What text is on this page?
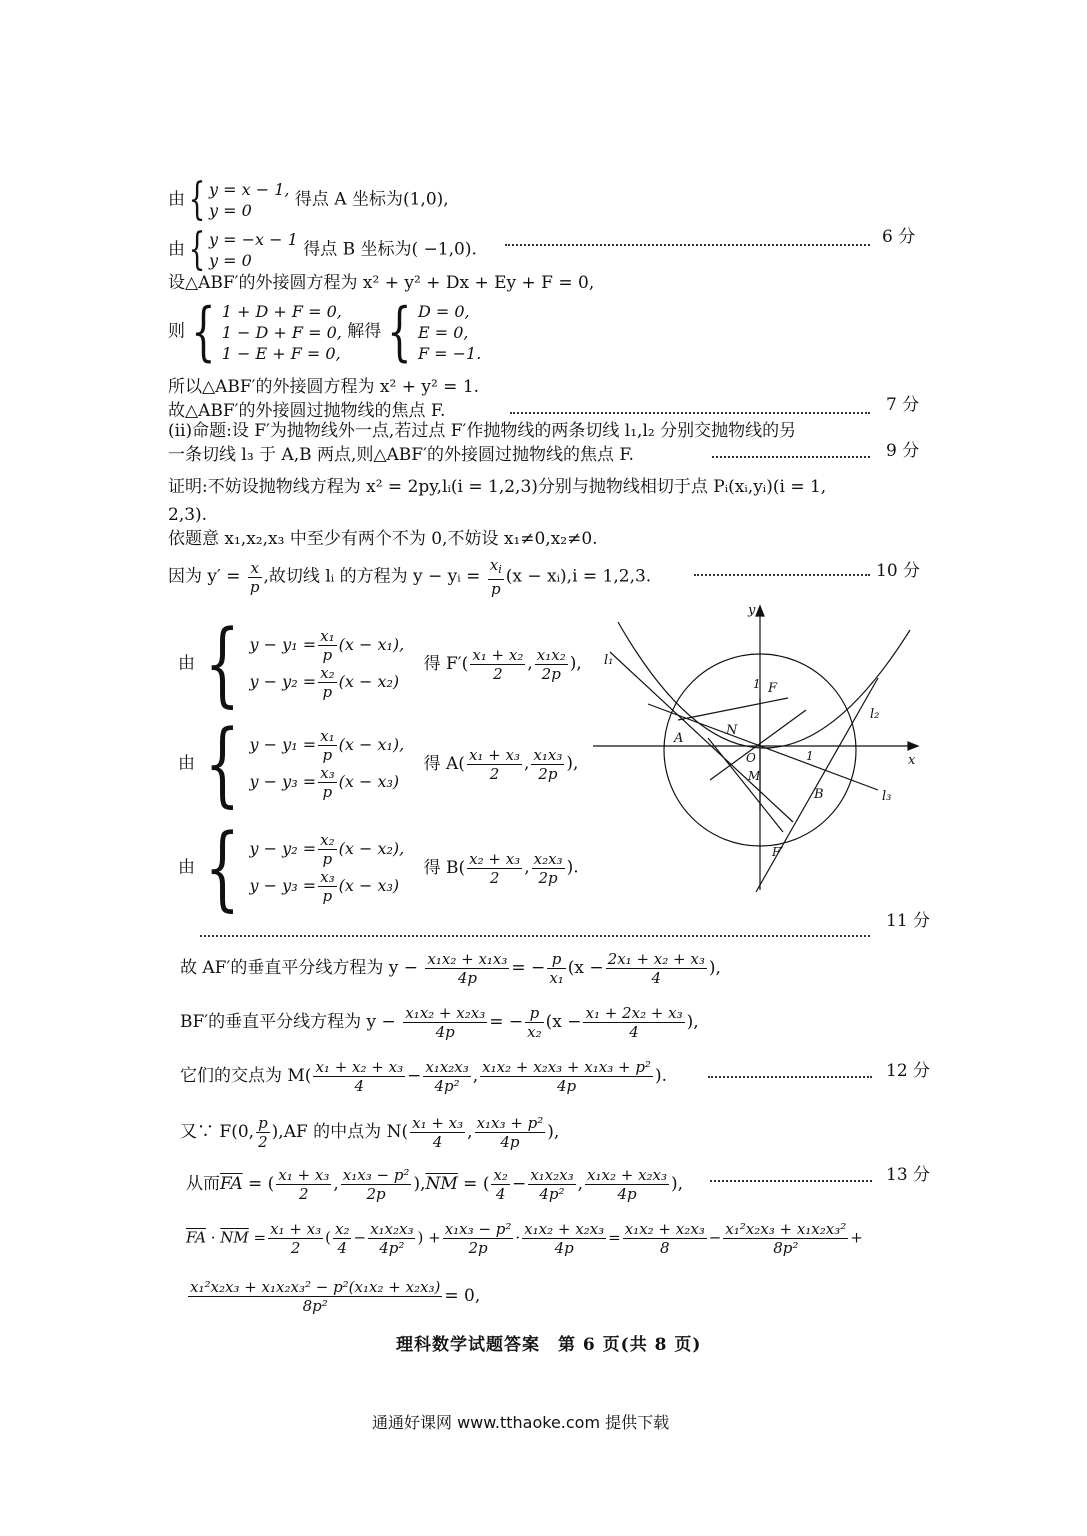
由{ y = x − 1,
y = 0
得点 A 坐标为(1,0),
由{ y = −x − 1
y = 0
得点 B 坐标为( −1,0).
6 分
设△ABF′的外接圆方程为 x² + y² + Dx + Ey + F = 0,
则{ 1 + D + F = 0,
1 − D + F = 0,
1 − E + F = 0,
解得{ D = 0,
E = 0,
F = −1.
所以△ABF′的外接圆方程为 x² + y² = 1.
故△ABF′的外接圆过抛物线的焦点 F.	7 分
(ⅱ)命题:设 F′为抛物线外一点,若过点 F′作抛物线的两条切线 l₁,l₂ 分别交抛物线的另
一条切线 l₃ 于 A,B 两点,则△ABF′的外接圆过抛物线的焦点 F.	9 分
证明:不妨设抛物线方程为 x² = 2py,lᵢ(i = 1,2,3)分别与抛物线相切于点 Pᵢ(xᵢ,yᵢ)(i = 1,
2,3).
依题意 x₁,x₂,x₃ 中至少有两个不为 0,不妨设 x₁≠0,x₂≠0.
因为 $y' = \frac{x}{p}$ ,故切线 lᵢ 的方程为 y − yᵢ = $\frac{x_i}{p} (x$ − xᵢ),i = 1,2,3.	10 分
由 { $y - y_1 = \frac{\text{x₁}}{p} (x - x_1)$,
$y - y_2 = \frac{\text{x₂}}{p} (x - x_2)$
得 $F'( \frac{\text{x₁ + x₂}}{2}$ , $\frac{\text{x₁x₂}}{2p}$ ),
由 { $y - y_1 = \frac{\text{x₁}}{p} (x - x_1)$,
$y - y_3 = \frac{\text{x₃}}{p} (x - x_3)$
得 $A( \frac{\text{x₁ + x₃}}{2}$ , $\frac{\text{x₁x₃}}{2p}$ ),
由 { $y - y_2 = \frac{\text{x₂}}{p} (x - x_2)$,
$y - y_3 = \frac{\text{x₃}}{p} (x - x_3)$
得 $B( \frac{\text{x₂ + x₃}}{2}$ , $\frac{\text{x₂x₃}}{2p}$ ).
y
x
l₁
l₂
l₃
A
B
N
F
O
M
1
1
F′
11 分
故 AF′的垂直平分线方程为 $y - \frac{\text{x₁x₂ + x₁x₃}}{4p}$ = − $\frac{p}{\text{x₁}} (x - \frac{\text{2x₁ + x₂ + x₃}}{4}$ ),
BF′的垂直平分线方程为 $y - \frac{\text{x₁x₂ + x₂x₃}}{4p}$ = − $\frac{p}{\text{x₂}} (x - \frac{\text{x₁ + 2x₂ + x₃}}{4}$ ),
它们的交点为 $M( \frac{\text{x₁ + x₂ + x₃}}{4} - \frac{\text{x₁x₂x₃}}{\text{4p²}}$ , $\frac{\text{x₁x₂ + x₂x₃ + x₁x₃ + p²}}{4p}$ ).	12 分
又∵ F(0, $\frac{p}{2} ),AF$ 的中点为 $N( \frac{\text{x₁ + x₃}}{4}$ , $\frac{\text{x₁x₃ + p²}}{4p}$ ),
从而$\overline{FA}$ = ( $\frac{\text{x₁ + x₃}}{2}$ , $\frac{\text{x₁x₃ − p²}}{2p} ),\overline{NM}$ = ( $\frac{\text{x₂}}{4} - \frac{\text{x₁x₂x₃}}{\text{4p²}}$ , $\frac{\text{x₁x₂ + x₂x₃}}{4p}$ ),	13 分
$\overline{FA} \cdot \overline{NM} = \frac{\text{x₁ + x₃}}{2}$ ( $\frac{\text{x₂}}{4} - \frac{\text{x₁x₂x₃}}{\text{4p²}}$ ) + $\frac{\text{x₁x₃ − p²}}{2p} \cdot \frac{\text{x₁x₂ + x₂x₃}}{4p} = \frac{\text{x₁x₂ + x₂x₃}}{8} - \frac{\text{x₁²x₂x₃ + x₁x₂x₃²}}{\text{8p²}}$ +
$\frac{\text{x₁²x₂x₃ + x₁x₂x₃² − p²(x₁x₂ + x₂x₃)}}{\text{8p²}} = 0$,
理科数学试题答案　第 6 页(共 8 页)
通通好课网 www.tthaoke.com 提供下载
